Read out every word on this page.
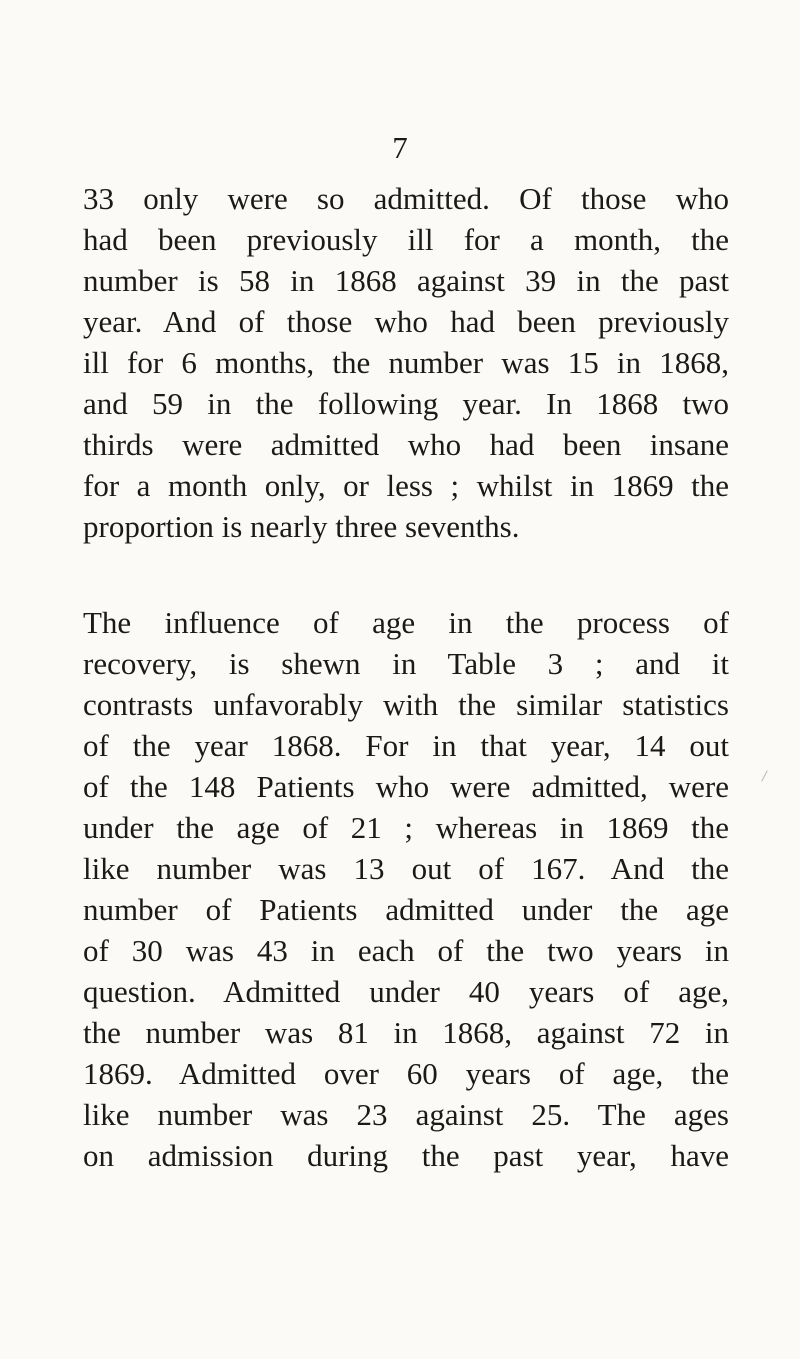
7

33 only were so admitted. Of those who
had been previously ill for a month, the
number is 58 in 1868 against 39 in the past
year. And of those who had been previously
ill for 6 months, the number was 15 in 1868,
and 59 in the following year. In 1868 two
thirds were admitted who had been insane
for a month only, or less ; whilst in 1869 the
proportion is nearly three sevenths.

The influence of age in the process of
recovery, is shewn in Table 3 ; and it
contrasts unfavorably with the similar statistics
of the year 1868. For in that year, 14 out
of the 148 Patients who were admitted, were
under the age of 21 ; whereas in 1869 the
like number was 13 out of 167. And the
number of Patients admitted under the age
of 30 was 43 in each of the two years in
question. Admitted under 40 years of age,
the number was 81 in 1868, against 72 in
1869. Admitted over 60 years of age, the
like number was 23 against 25. The ages
on admission during the past year, have
